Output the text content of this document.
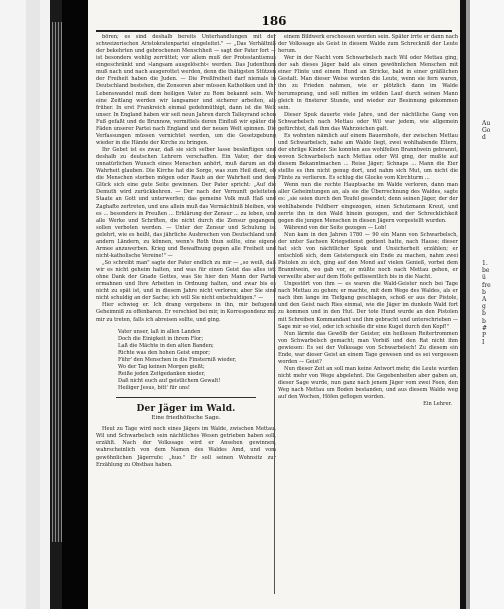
186

bören; es sind deshalb bereits Unterhandlungen mit der schweizerischen Aristokratenpartei eingeleitet." — „Das Verhältniß der bekehrten und gebrochenen Menschheit — sagt der Pater fort — ist besonders wohlig zerrüttet; vor allem muß der Protestantismus eingeschränkt und »langsam ausgelöscht« werden. Das Judenthum muß nach und nach ausgerottet werden, denn die thätigsten Stützen der Freiheit haben die Juden. — Die Preßfreiheit darf niemals in Deutschland bestehen, die Zensoren aber müssen Katholiken und ihr Lebenswandel muß dem heiligen Vater zu Rom bekannt sein. Wer eine Zeitlang werden wir langsamer und sicherer arbeiten, als früher. In erst Frankreich einmal gedehmüthigt, dann ist die Welt unser. In England haben wir seit neun Jahren durch Talleyrand schon Fuß gefaßt und de Brunnow, vermittels deren Einfluß wir später die Fäden unserer Partei nach England und der neuen Welt spinnen. Die Verfassungen müssen vernichtet werden, um die Gesetzgebung wieder in die Hände der Kirche zu bringen.

Ihr Gebet ist es zwar, daß sie sich selber lasse besänftigen und deshalb zu deutschen Lehrern verschaffen. Ein Vater, der den unnatürlichen Wunsch eines Menschen anhört, muß darum an die Wahrheit glauben. Die Kirche hat die Sorge, was zum Heil dient, ob die Menschen sterben mögen oder Raub an der Wahrheit und dem Glück sich eine gute Seite gewinnen. Der Pater spricht: „Auf die Demuth wird zurückkehren. — Der nach der Vernunft geleiteten Staate an Gott und unterwerfen; das gemeine Volk muß Haß und Zaghafte zertreten, und uns allein muß das Vermächtniß bleiben, wie es ... besonders in Preußen ... Erklärung der Zensur ... zu leben, und alle Werke und Schriften, die nicht durch die Zensur gegangen, sollen verboten werden. — Unter der Zensur und Schulung ist gelehrt, wie es heißt, das jährliche Ausbrechen von Deutschland und andern Ländern, zu können, wenn's Roth thun sollte, eine eigene Armee anzuwerben. Krieg und Bewaffnung gegen alle Freiheit und nicht-katholische Vereine!" —

„So schreibt man" sagte der Pater endlich zu mir — „so weiß, daß wir es nicht geheim halten, und was für einen Geist das alles ist; ohne Dank der Gnade Gottes, was Sie hier den Mann der Partei ermahnen und Ihre Arbeiten in Ordnung halten, und zwar bis es nicht zu spät ist, und in diesem Jahre nicht verloren; aber Sie sind nicht schuldig an der Sache; ich will Sie nicht entschuldigen." —

Hier schwieg er. Ich drang vergebens in ihn, mir befugend Geheimniß zu offenbaren. Er verschied bei mir, in Korrespondenz mit mir zu treten, falls ich abreisen sollte, und ging.

Vater unser, laß in allen Landen
Doch die Einigkeit in ihrem Flor;
Laß die Mächte in den alten Banden;
Richte was den hohen Geist empor;
Führ' den Menschen in die Finsterniß wieder,
Wo der Tag keinen Morgen gießt;
Reiße jeden Zeitgedanken nieder,
Daß nicht euch auf geistlichem Gewalt!
Heiliger Jesus, bitt' für uns!
Der Jäger im Wald.
Eine friedhöfische Sage.

Heut zu Tage wird noch eines Jägers im Walde, zwischen Mettau, Wil und Schwarbelsch sein nächtliches Wesen getrieben haben soll, erzählt. Nach der Volkssage wird er Ansehen gewinnen, wahrscheinlich von dem Namen des Waldes Amd, und vom gewöhnlichen Jägerrufe: „huo." Er soll seinen Wohnsitz zur Erzählung zu Obstbau haben.

einem Bildwerk erschossen worden sein. Später irrte er dann nach der Volkssage als Geist in diesem Walde zum Schreckniß der Leute herum.

Wer in der Nacht vom Schwarbelsch nach Wil oder Mettau ging, der sah dieses Jäger bald als einen gewöhnlichen Menschen mit einer Flinte und einem Hund an Stricke, bald in einer gräßlichen Gestalt. Man dieser Weise wurden die Leute, wenn sie fern waren, ihn zu Frieden nahmen, wie er plötzlich dann im Walde herumsprang, und soll mitten im wilden Lauf durch seinen Mann gleich in finsterer Stunde, und wieder zur Besinnung gekommen sein.

Dieser Spuk dauerte viele Jahre, und der nächtliche Gang von Schwarbelsch nach Mettau oder Wil war jedem, wie allgemein gefürchtet, daß ihm das Wahrzeichen galt.

Es wohnten nämlich auf einem Bauernhofe, der zwischen Mettau und Schwarbelsch, nahe am Walde liegt, zwei wohlhabende Eltern, der ehrlige Kinder. Sie konnten aus wohlfeilen Branntwein gebrannt, wovon Schwarbelsch nach Mettau oder Wil ging, der mußte auf diesem Bekanntmachen ... Reise Jäger; Schnaps ... Mann die Eier stellte es ihm nicht genug dort, und nahm sich Mut, um nicht die Flinte zu verlieren. Es schlug die Glocke vom Kirchturm ...

Wenn nun die rechte Hauptsache im Walde verloren, dann man aller Geheimtungen an, als sie die Überrechnung des Waldes, sagte es: „sie seien durch den Teufel gesendet; denn seinen Jäger, der der wohlhabende Feldherr eingezogen, einen Schutzmann Kreut, und zerrte ihn in den Wald hinein gezogen, und der Schrecklichkeit gegen die jungen Menschen in diesen Jägern vorgestellt wurden.

Während von der Seite gezogen — Lob!

Nun kam in den Jahren 1780 — 90 ein Mann von Schwarbelsch, der unter Sachsen Kriegsdienst gedient hatte, nach Hause; dieser hat sich von nächtlicher Spuk und Unsicherheit erzählen; er entschloß sich, dem Geisterspuck ein Ende zu machen, nahm zwei Pistolen zu sich, ging auf den Mond auf vielen Genieß, vorbei dem Branntwein, wo gab vor, er müßte noch nach Mettau gehen, er verweilte aber auf dem Hofe geflissentlich bis in die Nacht.

Ungestört von ihm — es waren die Wald-Geister noch bei Tage nach Mettau zu gehen; er machte, mit dem Wege des Waldes, als er nach ihm lange im Tiefgang geschlagen, schoß er aus der Pistole, und den Geist nach Ries einmal, wie die Jäger im dunkeln Wald fort zu kommen und in den Hut. Der tote Hund wurde an den Pistolen mit Schreiben Kommandant und ihm gebracht und unterschrieben — Sage mir so viel, oder ich schieße dir eine Kugel durch den Kopf!"

Nun lärmte das Gewölb der Geister, ein heillosen Reitertrommen von Schwarbelsch gemacht; man Vorbiß und den Rat nicht ihm gewiesen: Es sei der Volkssage von Schwarbelsch! Zu diesem ein Ende, war dieser Geist an einem Tage gewesen und es sei vergessen worden — Geist?

Nun dieser Zeit an soll man keine Antwort mehr, die Leute wurden nicht mehr von Wege abgelehnt. Die Gegebenheiten aber gaben an, dieser Sage wurde, nun ganz nach jenem Jäger vom zwei Feen, den Weg nach Mettau um Boden bestanden, und aus diesem Walde weg auf den Wochen, Höfen geflogen worden.

Ein Lehrer.
Au
Go
d
1.
be
ü
fre
b
A
g
b
b
#
P
I
